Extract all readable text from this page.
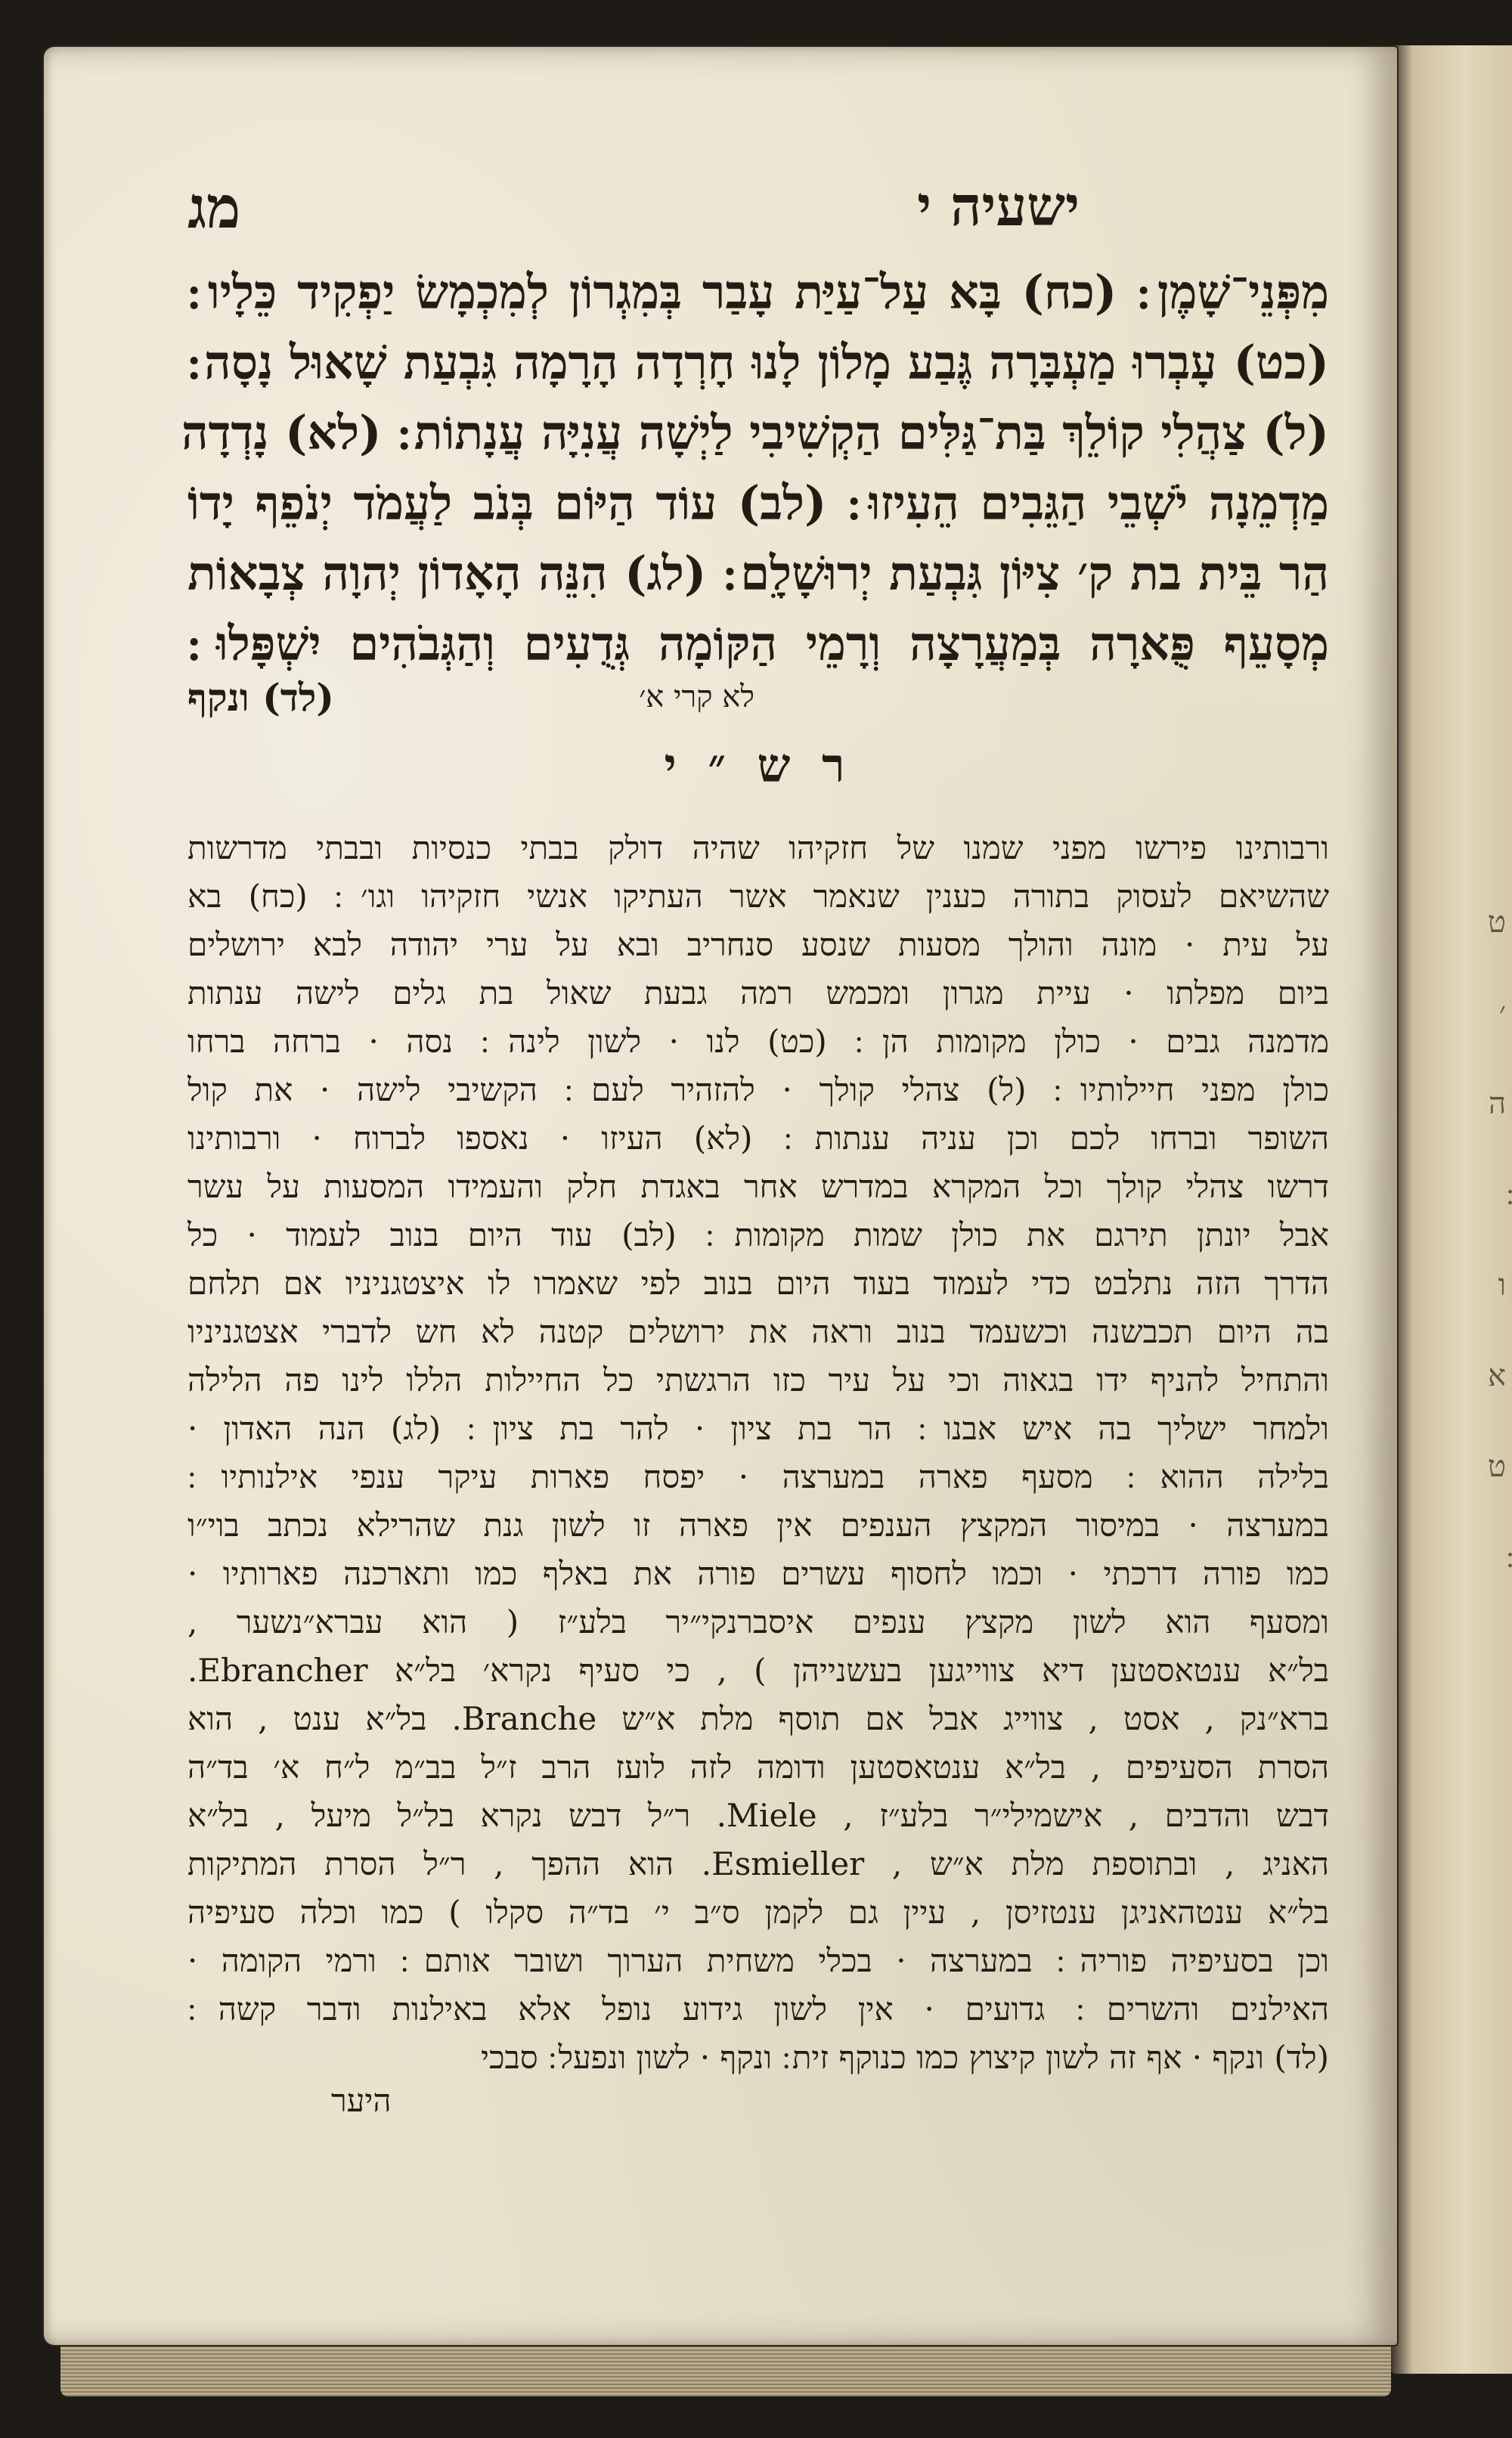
ט
׳
ה
ו
א
ט
ישעיה י
מג
מִפְּנֵי־שָׁמֶן ׃ (כח) בָּא עַל־עַיַּת עָבַר בְּמִגְרוֹן לְמִכְמָשׂ יַפְקִיד כֵּלָיו ׃
(כט) עָבְרוּ מַעְבָּרָה גֶּבַע מָלוֹן לָנוּ חָרְדָה הָרָמָה גִּבְעַת שָׁאוּל נָסָה ׃
(ל) צַהֲלִי קוֹלֵךְ בַּת־גַּלִּים הַקְשִׁיבִי לַיְשָׁה עֲנִיָּה עֲנָתוֹת ׃ (לא) נָדְדָה
מַדְמֵנָה יֹשְׁבֵי הַגֵּבִים הֵעִיזוּ ׃ (לב) עוֹד הַיּוֹם בְּנֹב לַעֲמֹד יְנֹפֵף יָדוֹ
הַר בֵּית בת ק׳ צִיּוֹן גִּבְעַת יְרוּשָׁלִָם ׃ (לג) הִנֵּה הָאָדוֹן יְהוָה צְבָאוֹת
מְסָעֵף פֻּארָה בְּמַעֲרָצָה וְרָמֵי הַקּוֹמָה גְּדֻעִים וְהַגְּבֹהִים יִשְׁפָּלוּ ׃
לא קרי א׳
(לד) ונקף
ר ש ״ י
ורבותינו פירשו מפני שמנו של חזקיהו שהיה דולק בבתי כנסיות ובבתי מדרשות
שהשיאם לעסוק בתורה כענין שנאמר אשר העתיקו אנשי חזקיהו וגו׳ ׃ (כח) בא
על עית · מונה והולך מסעות שנסע סנחריב ובא על ערי יהודה לבא ירושלים
ביום מפלתו · עיית מגרון ומכמש רמה גבעת שאול בת גלים לישה ענתות
מדמנה גבים · כולן מקומות הן ׃ (כט) לנו · לשון לינה ׃ נסה · ברחה ברחו
כולן מפני חיילותיו ׃ (ל) צהלי קולך · להזהיר לעם ׃ הקשיבי לישה · את קול
השופר וברחו לכם וכן עניה ענתות ׃ (לא) העיזו · נאספו לברוח · ורבותינו
דרשו צהלי קולך וכל המקרא במדרש אחר באגדת חלק והעמידו המסעות על עשר
אבל יונתן תירגם את כולן שמות מקומות ׃ (לב) עוד היום בנוב לעמוד · כל
הדרך הזה נתלבט כדי לעמוד בעוד היום בנוב לפי שאמרו לו איצטגניניו אם תלחם
בה היום תכבשנה וכשעמד בנוב וראה את ירושלים קטנה לא חש לדברי אצטגניניו
והתחיל להניף ידו בגאוה וכי על עיר כזו הרגשתי כל החיילות הללו לינו פה הלילה
ולמחר ישליך בה איש אבנו ׃ הר בת ציון · להר בת ציון ׃ (לג) הנה האדון ·
בלילה ההוא ׃ מסעף פארה במערצה · יפסח פארות עיקר ענפי אילנותיו ׃
במערצה · במיסור המקצץ הענפים אין פארה זו לשון גנת שהרילא נכתב בוי״ו
כמו פורה דרכתי · וכמו לחסוף עשרים פורה את באלף כמו ותארכנה פארותיו ·
ומסעף הוא לשון מקצץ ענפים איסברנקי״יר בלע״ז ( הוא עברא״נשער ,
בל״א ענטאסטען דיא צווייגען בעשנייהן ) , כי סעיף נקרא׳ בל״א Ebrancher.
ברא״נק , אסט , צווייג אבל אם תוסף מלת א״ש Branche. בל״א ענט , הוא
הסרת הסעיפים , בל״א ענטאסטען ודומה לזה לועז הרב ז״ל בב״מ ל״ח א׳ בד״ה
דבש והדבים , אישמילי״ר בלע״ז , Miele. ר״ל דבש נקרא בל״ל מיעל , בל״א
האניג , ובתוספת מלת א״ש , Esmieller. הוא ההפך , ר״ל הסרת המתיקות
בל״א ענטהאניגן ענטזיסן , עיין גם לקמן ס״ב י׳ בד״ה סקלו ) כמו וכלה סעיפיה
וכן בסעיפיה פוריה ׃ במערצה · בכלי משחית הערוך ושובר אותם ׃ ורמי הקומה ·
האילנים והשרים ׃ גדועים · אין לשון גידוע נופל אלא באילנות ודבר קשה ׃
(לד) ונקף · אף זה לשון קיצוץ כמו כנוקף זית ׃ ונקף · לשון ונפעל ׃ סבכי
היער
